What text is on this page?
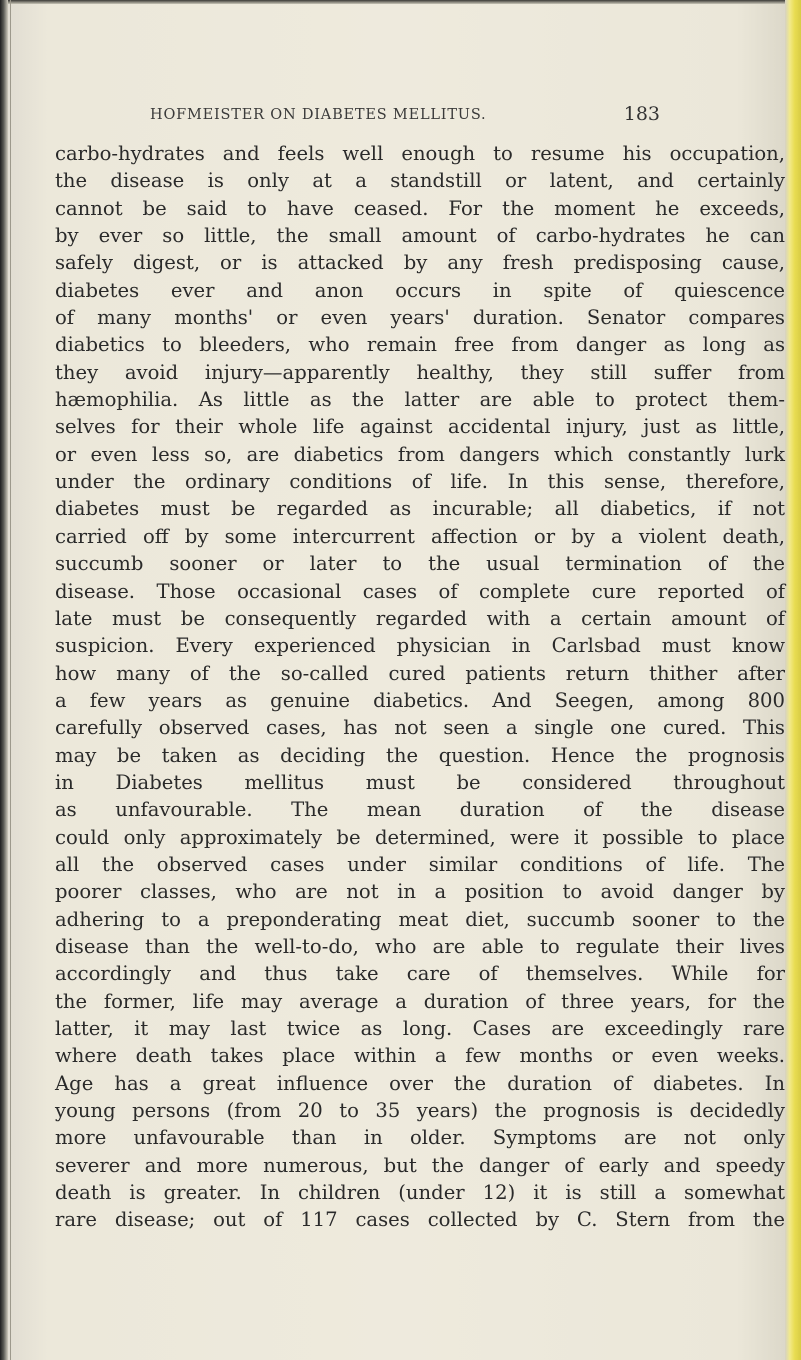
HOFMEISTER ON DIABETES MELLITUS.	183
carbo-hydrates and feels well enough to resume his occupation,
the disease is only at a standstill or latent, and certainly
cannot be said to have ceased. For the moment he exceeds,
by ever so little, the small amount of carbo-hydrates he can
safely digest, or is attacked by any fresh predisposing cause,
diabetes ever and anon occurs in spite of quiescence
of many months' or even years' duration. Senator compares
diabetics to bleeders, who remain free from danger as long as
they avoid injury—apparently healthy, they still suffer from
hæmophilia. As little as the latter are able to protect them-
selves for their whole life against accidental injury, just as little,
or even less so, are diabetics from dangers which constantly lurk
under the ordinary conditions of life. In this sense, therefore,
diabetes must be regarded as incurable; all diabetics, if not
carried off by some intercurrent affection or by a violent death,
succumb sooner or later to the usual termination of the
disease. Those occasional cases of complete cure reported of
late must be consequently regarded with a certain amount of
suspicion. Every experienced physician in Carlsbad must know
how many of the so-called cured patients return thither after
a few years as genuine diabetics. And Seegen, among 800
carefully observed cases, has not seen a single one cured. This
may be taken as deciding the question. Hence the prognosis
in Diabetes mellitus must be considered throughout
as unfavourable. The mean duration of the disease
could only approximately be determined, were it possible to place
all the observed cases under similar conditions of life. The
poorer classes, who are not in a position to avoid danger by
adhering to a preponderating meat diet, succumb sooner to the
disease than the well-to-do, who are able to regulate their lives
accordingly and thus take care of themselves. While for
the former, life may average a duration of three years, for the
latter, it may last twice as long. Cases are exceedingly rare
where death takes place within a few months or even weeks.
Age has a great influence over the duration of diabetes. In
young persons (from 20 to 35 years) the prognosis is decidedly
more unfavourable than in older. Symptoms are not only
severer and more numerous, but the danger of early and speedy
death is greater. In children (under 12) it is still a somewhat
rare disease; out of 117 cases collected by C. Stern from the
